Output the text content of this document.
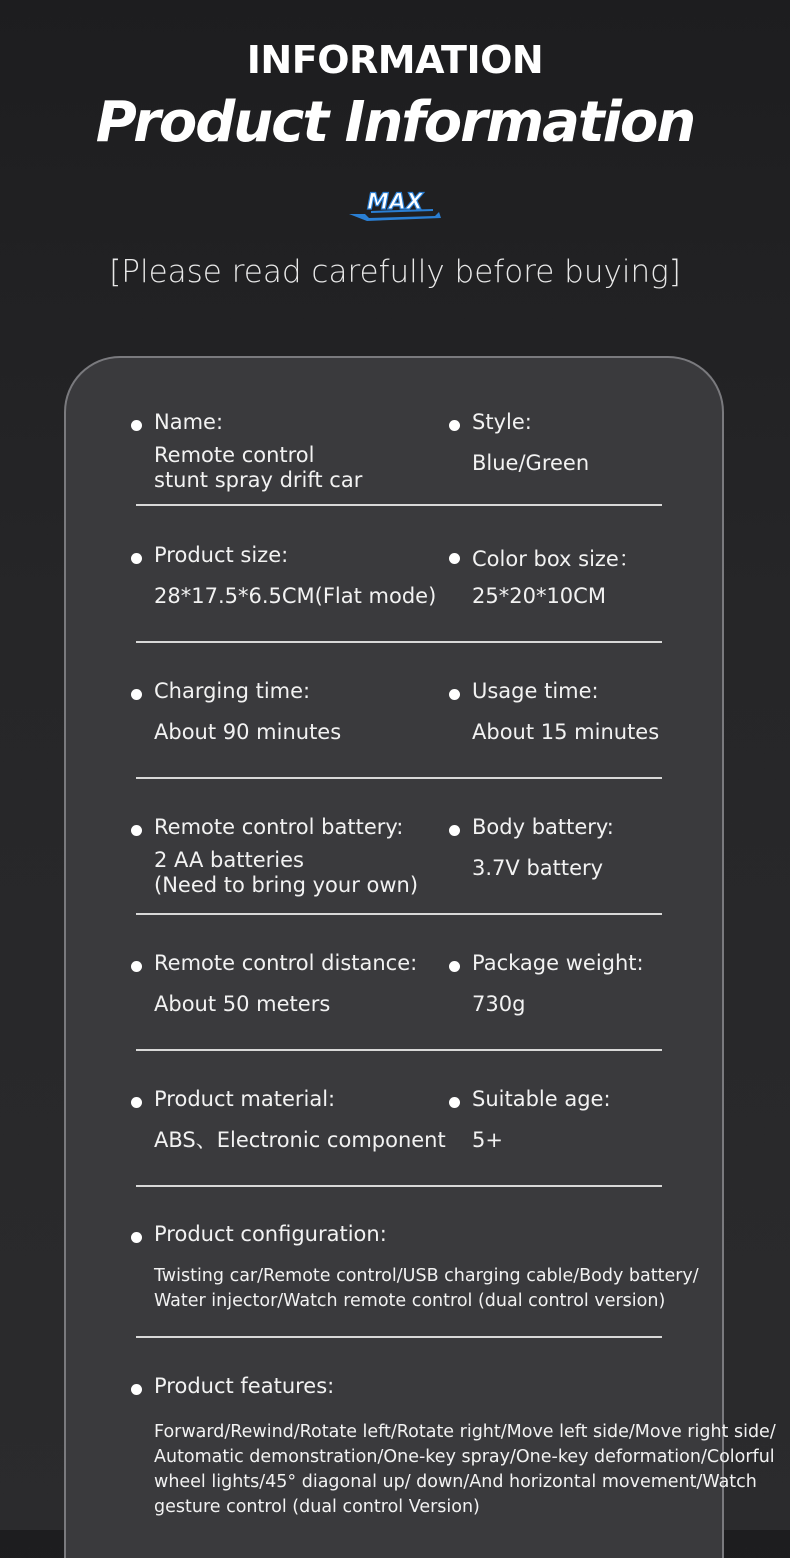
INFORMATION
Product Information
MAX
[Please read carefully before buying]
Name:
Remote control
stunt spray drift car
Style:
Blue/Green
Product size:
28*17.5*6.5CM(Flat mode)
Color box size：
25*20*10CM
Charging time:
About 90 minutes
Usage time:
About 15 minutes
Remote control battery:
2 AA batteries
(Need to bring your own)
Body battery:
3.7V battery
Remote control distance:
About 50 meters
Package weight:
730g
Product material:
ABS、Electronic component
Suitable age:
5+
Product configuration:
Twisting car/Remote control/USB charging cable/Body battery/
Water injector/Watch remote control (dual control version)
Product features:
Forward/Rewind/Rotate left/Rotate right/Move left side/Move right side/
Automatic demonstration/One-key spray/One-key deformation/Colorful
wheel lights/45° diagonal up/ down/And horizontal movement/Watch
gesture control (dual control Version)
